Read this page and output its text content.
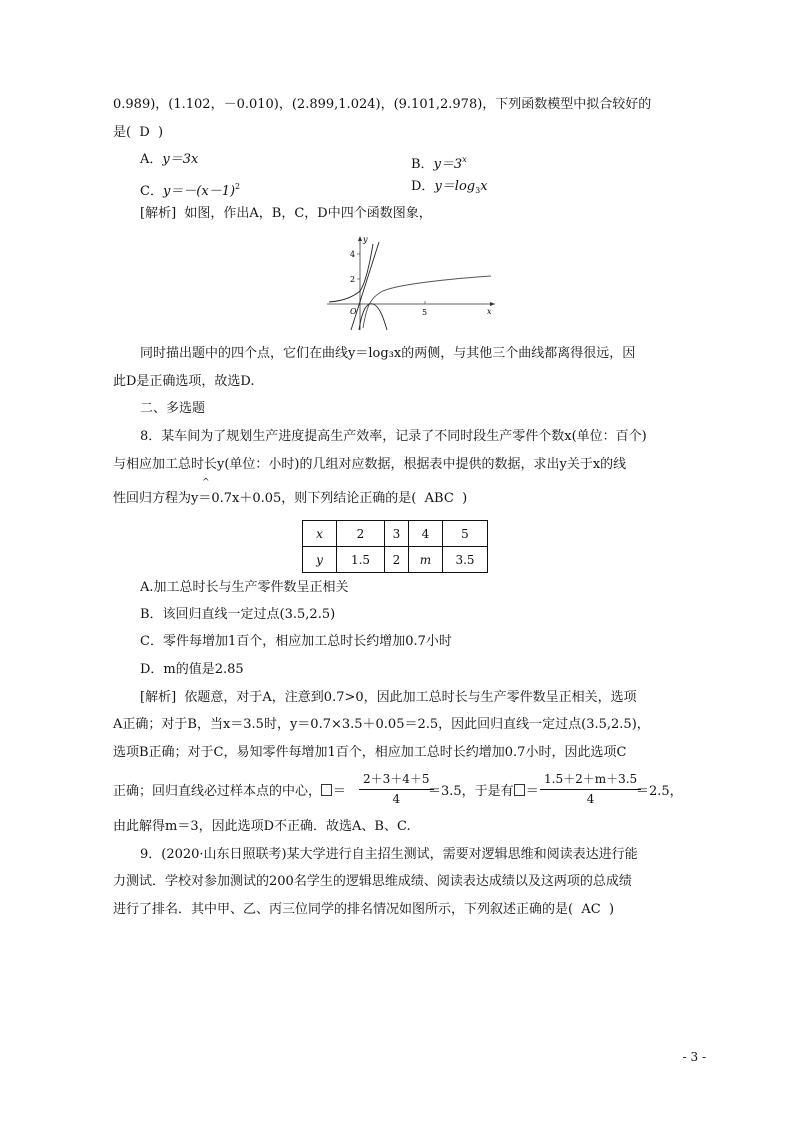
0.989)，(1.102，－0.010)，(2.899,1.024)，(9.101,2.978)，下列函数模型中拟合较好的
是( D )
A．y＝3x	B．$y=3^x$
C．$y=-(x-1)^2$	D．$y=\log_3x$
[解析] 如图，作出A，B，C，D中四个函数图象，
x
y
O
4
2
5
同时描出题中的四个点，它们在曲线y＝log₃x的两侧，与其他三个曲线都离得很远，因
此D是正确选项，故选D.
二、多选题
8．某车间为了规划生产进度提高生产效率，记录了不同时段生产零件个数x(单位：百个)
与相应加工总时长y(单位：小时)的几组对应数据，根据表中提供的数据，求出y关于x的线
^
性回归方程为y＝0.7x＋0.05，则下列结论正确的是( ABC )
x	2	3	4	5
y	1.5	2	m	3.5
A.加工总时长与生产零件数呈正相关
B．该回归直线一定过点(3.5,2.5)
C．零件每增加1百个，相应加工总时长约增加0.7小时
D．m的值是2.85
[解析] 依题意，对于A，注意到0.7>0，因此加工总时长与生产零件数呈正相关，选项
A正确；对于B，当x＝3.5时，y＝0.7×3.5＋0.05＝2.5，因此回归直线一定过点(3.5,2.5)，
选项B正确；对于C，易知零件每增加1百个，相应加工总时长约增加0.7小时，因此选项C
正确；回归直线必过样本点的中心， ＝ $\frac{2+3+4+5}{4}$
＝3.5，于是有 ＝ $\frac{1.5+2+m+3.5}{4}$
＝2.5，
由此解得m＝3，因此选项D不正确．故选A、B、C.
9．(2020·山东日照联考)某大学进行自主招生测试，需要对逻辑思维和阅读表达进行能
力测试．学校对参加测试的200名学生的逻辑思维成绩、阅读表达成绩以及这两项的总成绩
进行了排名．其中甲、乙、丙三位同学的排名情况如图所示，下列叙述正确的是( AC )
- 3 -
